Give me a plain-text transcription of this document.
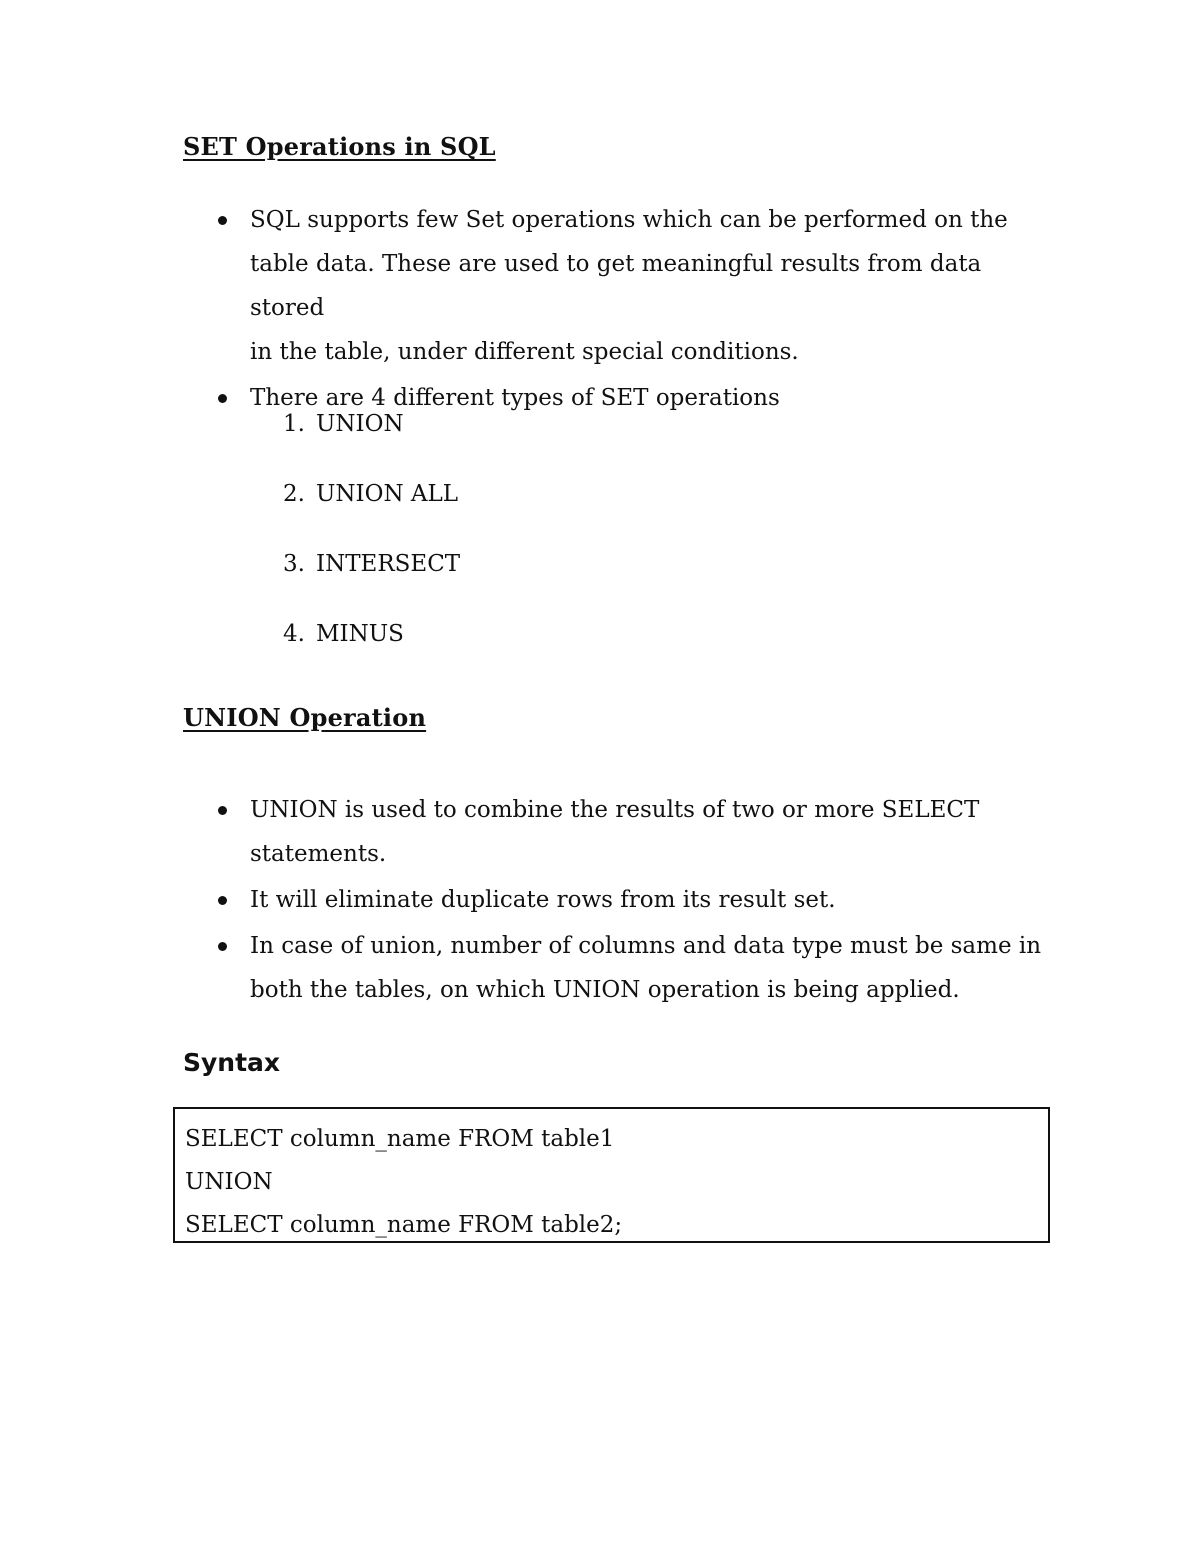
SET Operations in SQL
SQL supports few Set operations which can be performed on the
table data. These are used to get meaningful results from data stored
in the table, under different special conditions.
There are 4 different types of SET operations
1. UNION
2. UNION ALL
3. INTERSECT
4. MINUS
UNION Operation
UNION is used to combine the results of two or more SELECT
statements.
It will eliminate duplicate rows from its result set.
In case of union, number of columns and data type must be same in
both the tables, on which UNION operation is being applied.
Syntax
SELECT column_name FROM table1
UNION
SELECT column_name FROM table2;
